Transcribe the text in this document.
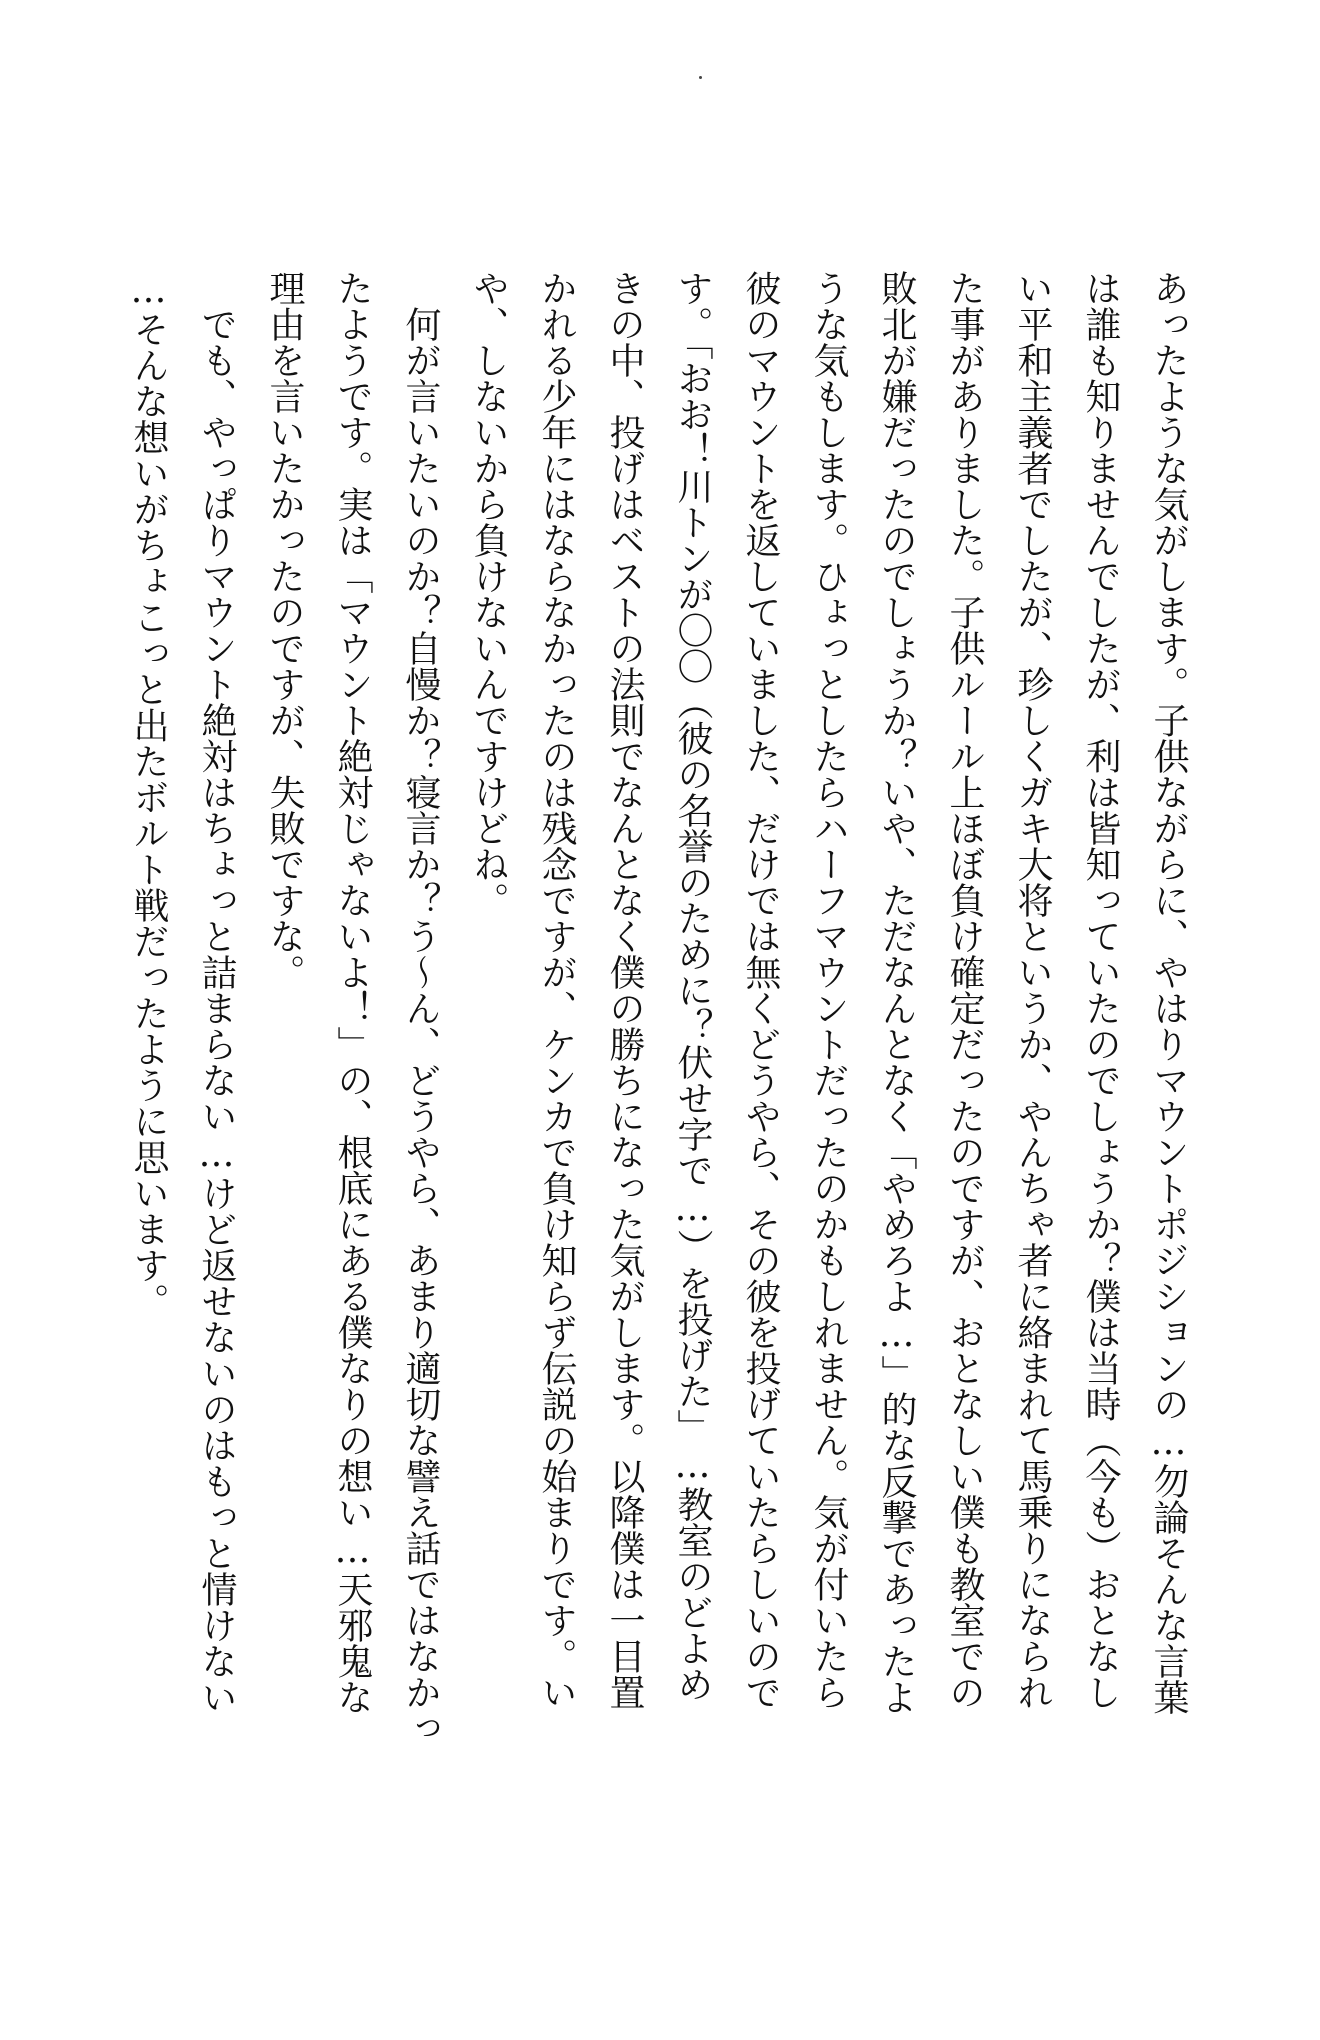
あったような気がします。子供ながらに、やはりマウントポジションの…勿論そんな言葉
は誰も知りませんでしたが、利は皆知っていたのでしょうか？僕は当時（今も）おとなし
い平和主義者でしたが、珍しくガキ大将というか、やんちゃ者に絡まれて馬乗りになられ
た事がありました。子供ルール上ほぼ負け確定だったのですが、おとなしい僕も教室での
敗北が嫌だったのでしょうか？いや、ただなんとなく「やめろよ…」的な反撃であったよ
うな気もします。ひょっとしたらハーフマウントだったのかもしれません。気が付いたら
彼のマウントを返していました、だけでは無くどうやら、その彼を投げていたらしいので
す。「おお！川トンが〇〇（彼の名誉のために？伏せ字で…）を投げた」…教室のどよめ
きの中、投げはベストの法則でなんとなく僕の勝ちになった気がします。以降僕は一目置
かれる少年にはならなかったのは残念ですが、ケンカで負け知らず伝説の始まりです。い
や、しないから負けないんですけどね。
　何が言いたいのか？自慢か？寝言か？う～ん、どうやら、あまり適切な譬え話ではなかっ
たようです。実は「マウント絶対じゃないよ！」の、根底にある僕なりの想い…天邪鬼な
理由を言いたかったのですが、失敗ですな。
　でも、やっぱりマウント絶対はちょっと詰まらない…けど返せないのはもっと情けない
…そんな想いがちょこっと出たボルト戦だったように思います。
